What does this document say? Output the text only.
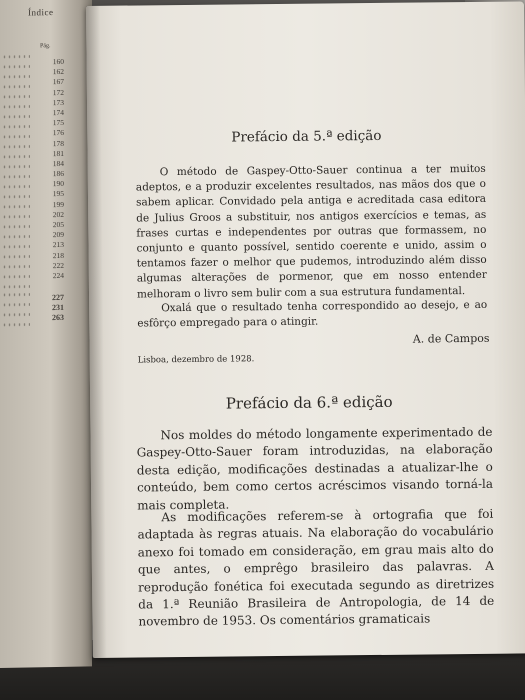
Índice
Pág.
160
162
167
172
173
174
175
176
178
181
184
186
190
195
199
202
205
209
213
218
222
224
227
231
263
Prefácio da 5.ª edição
O método de Gaspey-Otto-Sauer continua a ter muitos adeptos, e a produzir excelentes resultados, nas mãos dos que o sabem aplicar. Convidado pela antiga e acreditada casa editora de Julius Groos a substituir, nos antigos exercícios e temas, as frases curtas e independentes por outras que formassem, no conjunto e quanto possível, sentido coerente e unido, assim o tentamos fazer o melhor que pudemos, introduzindo além disso algumas alterações de pormenor, que em nosso entender melhoram o livro sem bulir com a sua estrutura fundamental.
Oxalá que o resultado tenha correspondido ao desejo, e ao esfôrço empregado para o atingir.
A. de Campos
Lisboa, dezembro de 1928.
Prefácio da 6.ª edição
Nos moldes do método longamente experimentado de Gaspey-Otto-Sauer foram introduzidas, na elaboração desta edição, modificações destinadas a atualizar-lhe o conteúdo, bem como certos acréscimos visando torná-la mais completa.
As modificações referem-se à ortografia que foi adaptada às regras atuais. Na elaboração do vocabulário anexo foi tomado em consideração, em grau mais alto do que antes, o emprêgo brasileiro das palavras. A reprodução fonética foi executada segundo as diretrizes da 1.ª Reunião Brasileira de Antropologia, de 14 de novembro de 1953. Os comentários gramaticais
